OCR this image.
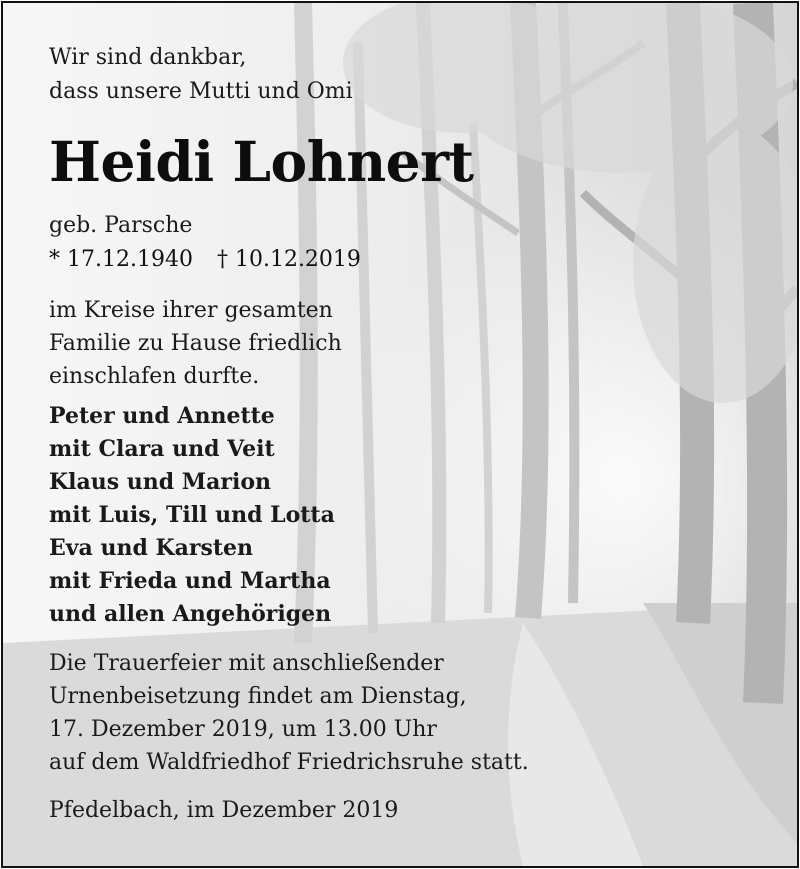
Wir sind dankbar,
dass unsere Mutti und Omi
Heidi Lohnert
geb. Parsche
* 17.12.1940 † 10.12.2019
im Kreise ihrer gesamten
Familie zu Hause friedlich
einschlafen durfte.
Peter und Annette
mit Clara und Veit
Klaus und Marion
mit Luis, Till und Lotta
Eva und Karsten
mit Frieda und Martha
und allen Angehörigen
Die Trauerfeier mit anschließender
Urnenbeisetzung findet am Dienstag,
17. Dezember 2019, um 13.00 Uhr
auf dem Waldfriedhof Friedrichsruhe statt.
Pfedelbach, im Dezember 2019
